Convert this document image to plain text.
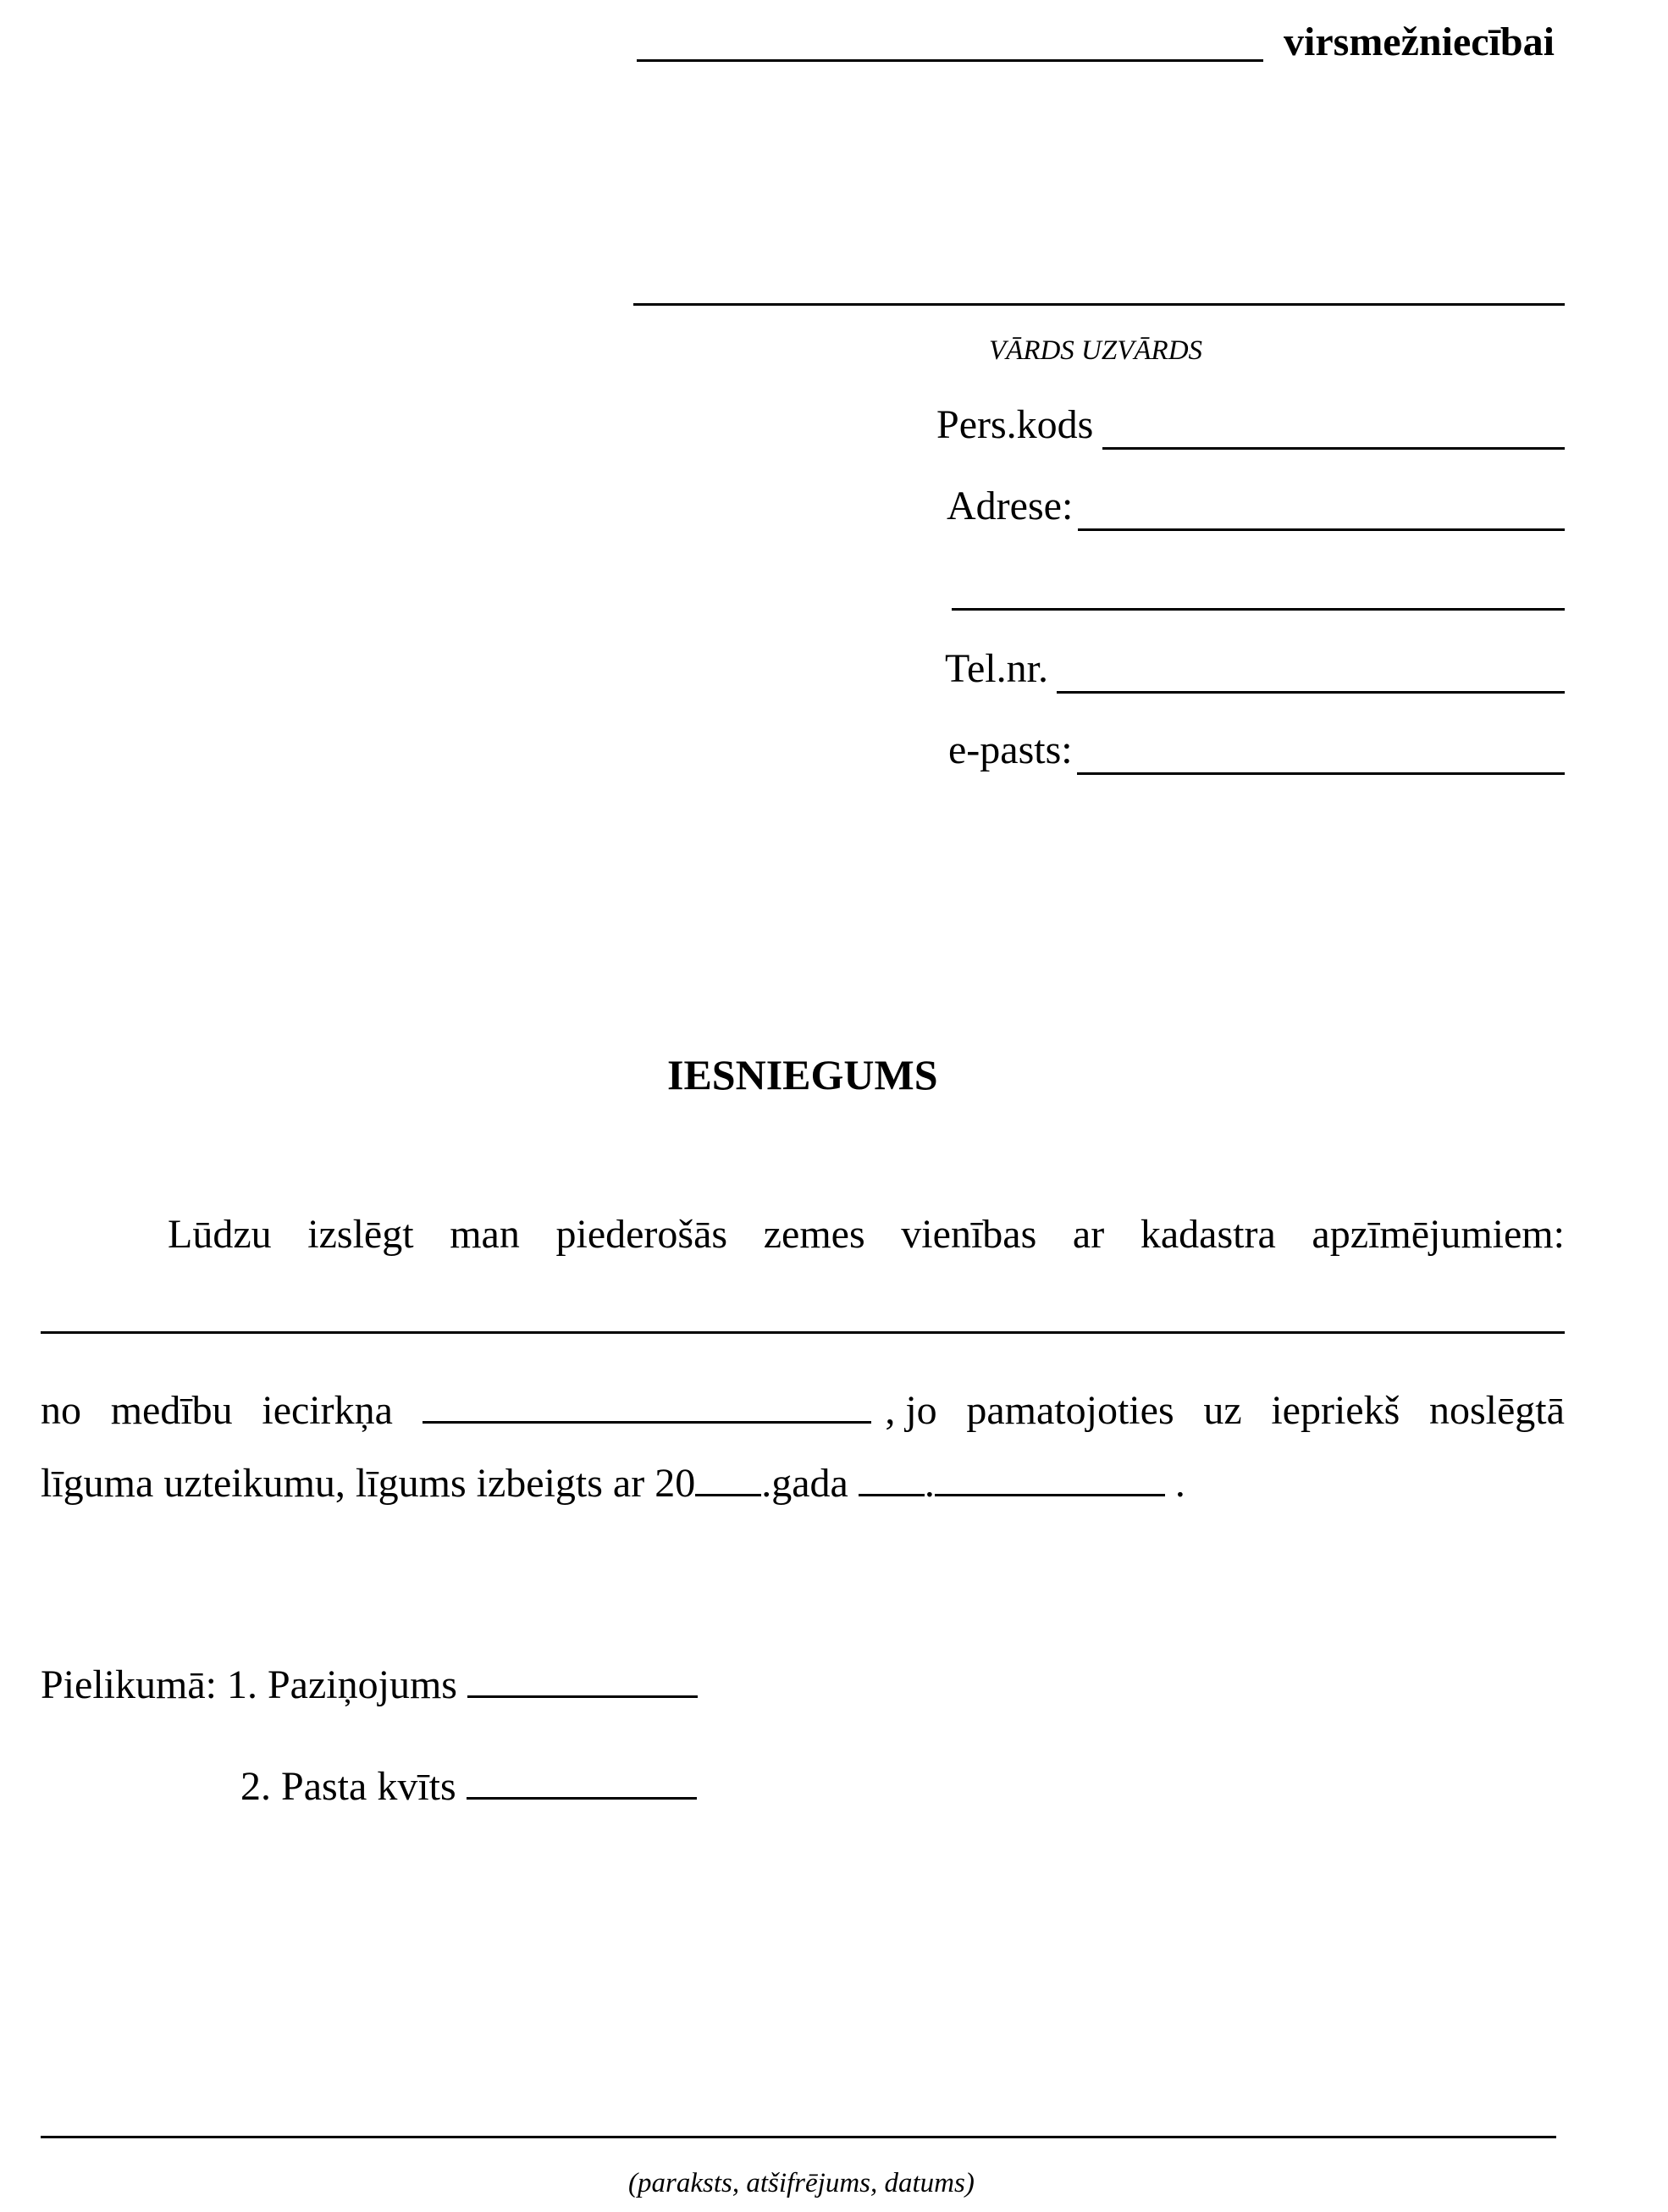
virsmežniecībai
VĀRDS UZVĀRDS
Pers.kods
Adrese:
Tel.nr.
e-pasts:
IESNIEGUMS
Lūdzu izslēgt man piederošās zemes vienības ar kadastra apzīmējumiem:
no medību iecirkņa	, jo pamatojoties uz iepriekš noslēgtā
līguma uzteikumu, līgums izbeigts ar 20 .gada .	.
Pielikumā: 1. Paziņojums
2. Pasta kvīts
(paraksts, atšifrējums, datums)
